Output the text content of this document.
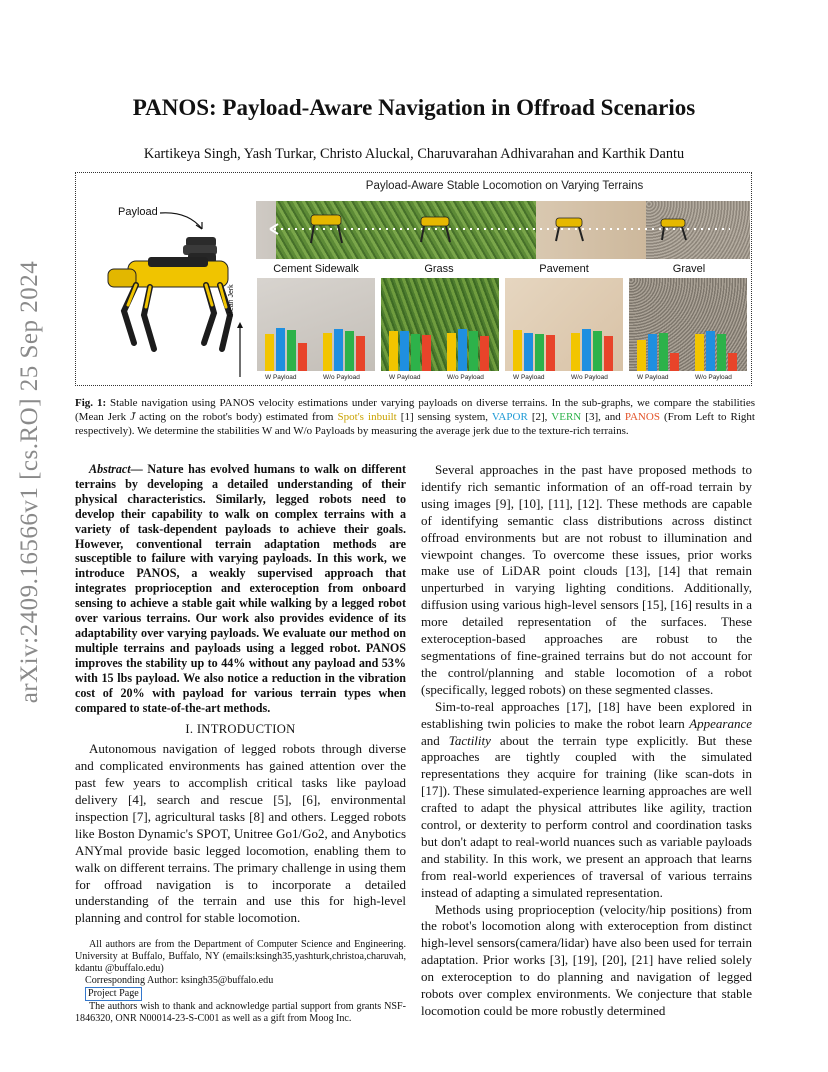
arXiv:2409.16566v1 [cs.RO] 25 Sep 2024
PANOS: Payload-Aware Navigation in Offroad Scenarios
Kartikeya Singh, Yash Turkar, Christo Aluckal, Charuvarahan Adhivarahan and Karthik Dantu
Payload-Aware Stable Locomotion on Varying Terrains
Payload
Mean Jerk
Cement Sidewalk	Grass	Pavement	Gravel
W Payload	W/o Payload	W Payload	W/o Payload	W Payload	W/o Payload	W Payload	W/o Payload
Fig. 1: Stable navigation using PANOS velocity estimations under varying payloads on diverse terrains. In the sub-graphs, we compare the stabilities (Mean Jerk J̄ acting on the robot's body) estimated from Spot's inbuilt [1] sensing system, VAPOR [2], VERN [3], and PANOS (From Left to Right respectively). We determine the stabilities W and W/o Payloads by measuring the average jerk due to the texture-rich terrains.

Abstract— Nature has evolved humans to walk on different terrains by developing a detailed understanding of their physical characteristics. Similarly, legged robots need to develop their capability to walk on complex terrains with a variety of task-dependent payloads to achieve their goals. However, conventional terrain adaptation methods are susceptible to failure with varying payloads. In this work, we introduce PANOS, a weakly supervised approach that integrates proprioception and exteroception from onboard sensing to achieve a stable gait while walking by a legged robot over various terrains. Our work also provides evidence of its adaptability over varying payloads. We evaluate our method on multiple terrains and payloads using a legged robot. PANOS improves the stability up to 44% without any payload and 53% with 15 lbs payload. We also notice a reduction in the vibration cost of 20% with payload for various terrain types when compared to state-of-the-art methods.

I. INTRODUCTION

Autonomous navigation of legged robots through diverse and complicated environments has gained attention over the past few years to accomplish critical tasks like payload delivery [4], search and rescue [5], [6], environmental inspection [7], agricultural tasks [8] and others. Legged robots like Boston Dynamic's SPOT, Unitree Go1/Go2, and Anybotics ANYmal provide basic legged locomotion, enabling them to walk on different terrains. The primary challenge in using them for offroad navigation is to incorporate a detailed understanding of the terrain and use this for high-level planning and control for stable locomotion.

All authors are from the Department of Computer Science and Engineering. University at Buffalo, Buffalo, NY (emails:ksingh35,yashturk,christoa,charuvah, kdantu @buffalo.edu)

Corresponding Author: ksingh35@buffalo.edu
Project Page

The authors wish to thank and acknowledge partial support from grants NSF-1846320, ONR N00014-23-S-C001 as well as a gift from Moog Inc.

Several approaches in the past have proposed methods to identify rich semantic information of an off-road terrain by using images [9], [10], [11], [12]. These methods are capable of identifying semantic class distributions across distinct offroad environments but are not robust to illumination and viewpoint changes. To overcome these issues, prior works make use of LiDAR point clouds [13], [14] that remain unperturbed in varying lighting conditions. Additionally, diffusion using various high-level sensors [15], [16] results in a more detailed representation of the surfaces. These exteroception-based approaches are robust to the segmentations of fine-grained terrains but do not account for the control/planning and stable locomotion of a robot (specifically, legged robots) on these segmented classes.

Sim-to-real approaches [17], [18] have been explored in establishing twin policies to make the robot learn Appearance and Tactility about the terrain type explicitly. But these approaches are tightly coupled with the simulated representations they acquire for training (like scan-dots in [17]). These simulated-experience learning approaches are well crafted to adapt the physical attributes like agility, traction control, or dexterity to perform control and coordination tasks but don't adapt to real-world nuances such as variable payloads and stability. In this work, we present an approach that learns from real-world experiences of traversal of various terrains instead of adapting a simulated representation.

Methods using proprioception (velocity/hip positions) from the robot's locomotion along with exteroception from distinct high-level sensors(camera/lidar) have also been used for terrain adaptation. Prior works [3], [19], [20], [21] have relied solely on exteroception to do planning and navigation of legged robots over complex environments. We conjecture that stable locomotion could be more robustly determined
